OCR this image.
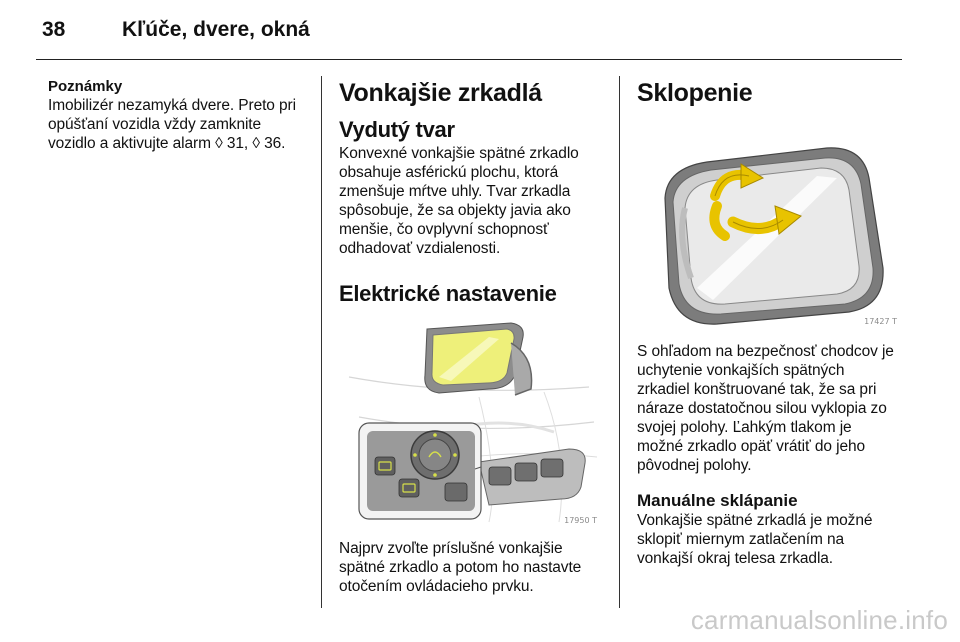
38	Kľúče, dvere, okná
Poznámky
Imobilizér nezamyká dvere. Preto pri
opúšťaní vozidla vždy zamknite
vozidlo a aktivujte alarm ◊ 31, ◊ 36.
Vonkajšie zrkadlá
Vydutý tvar
Konvexné vonkajšie spätné zrkadlo
obsahuje asférickú plochu, ktorá
zmenšuje mŕtve uhly. Tvar zrkadla
spôsobuje, že sa objekty javia ako
menšie, čo ovplyvní schopnosť
odhadovať vzdialenosti.
Elektrické nastavenie
17950 T
Najprv zvoľte príslušné vonkajšie
spätné zrkadlo a potom ho nastavte
otočením ovládacieho prvku.
Sklopenie
17427 T
S ohľadom na bezpečnosť chodcov je
uchytenie vonkajších spätných
zrkadiel konštruované tak, že sa pri
náraze dostatočnou silou vyklopia zo
svojej polohy. Ľahkým tlakom je
možné zrkadlo opäť vrátiť do jeho
pôvodnej polohy.
Manuálne sklápanie
Vonkajšie spätné zrkadlá je možné
sklopiť miernym zatlačením na
vonkajší okraj telesa zrkadla.
carmanualsonline.info
